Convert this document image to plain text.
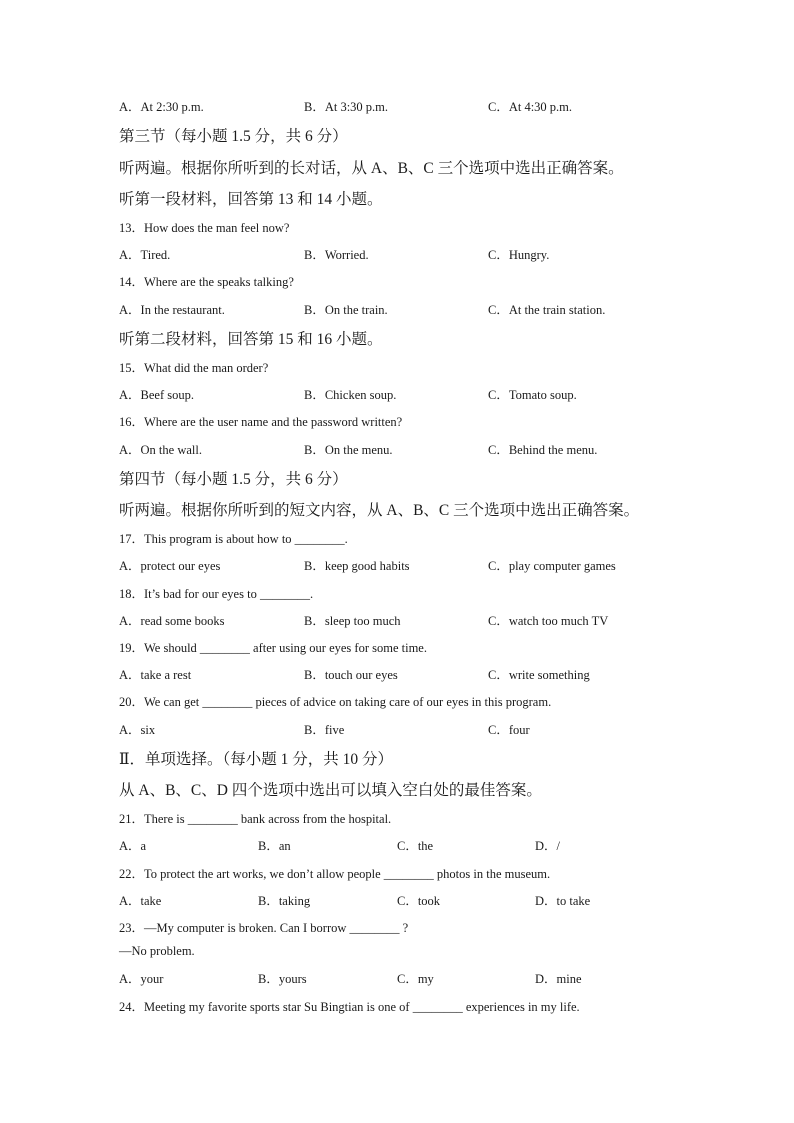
A．At 2:30 p.m.	B．At 3:30 p.m.	C．At 4:30 p.m.
第三节（每小题 1.5 分，共 6 分）
听两遍。根据你所听到的长对话，从 A、B、C 三个选项中选出正确答案。
听第一段材料，回答第 13 和 14 小题。
13．How does the man feel now?
A．Tired.	B．Worried.	C．Hungry.
14．Where are the speaks talking?
A．In the restaurant.	B．On the train.	C．At the train station.
听第二段材料，回答第 15 和 16 小题。
15．What did the man order?
A．Beef soup.	B．Chicken soup.	C．Tomato soup.
16．Where are the user name and the password written?
A．On the wall.	B．On the menu.	C．Behind the menu.
第四节（每小题 1.5 分，共 6 分）
听两遍。根据你所听到的短文内容，从 A、B、C 三个选项中选出正确答案。
17．This program is about how to ________.
A．protect our eyes	B．keep good habits	C．play computer games
18．It’s bad for our eyes to ________.
A．read some books	B．sleep too much	C．watch too much TV
19．We should ________ after using our eyes for some time.
A．take a rest	B．touch our eyes	C．write something
20．We can get ________ pieces of advice on taking care of our eyes in this program.
A．six	B．five	C．four
Ⅱ．单项选择。（每小题 1 分，共 10 分）
从 A、B、C、D 四个选项中选出可以填入空白处的最佳答案。
21．There is ________ bank across from the hospital.
A．a	B．an	C．the	D．/
22．To protect the art works, we don’t allow people ________ photos in the museum.
A．take	B．taking	C．took	D．to take
23．—My computer is broken. Can I borrow ________ ?
—No problem.
A．your	B．yours	C．my	D．mine
24．Meeting my favorite sports star Su Bingtian is one of ________ experiences in my life.
